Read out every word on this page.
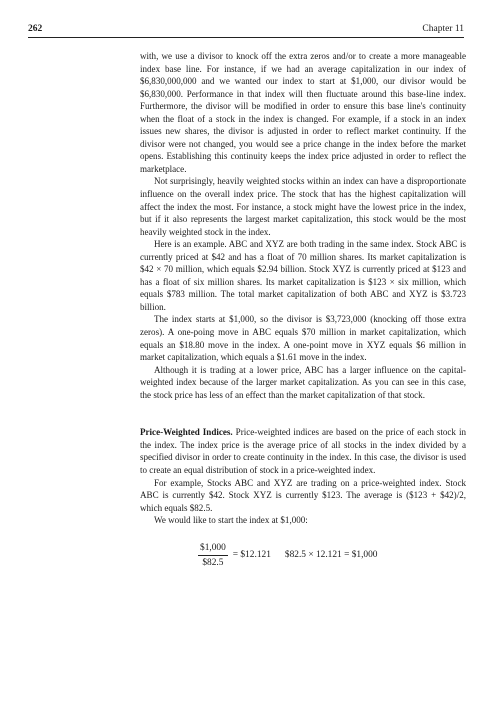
262	Chapter 11

with, we use a divisor to knock off the extra zeros and/or to create a more manageable index base line. For instance, if we had an average capitalization in our index of $6,830,000,000 and we wanted our index to start at $1,000, our divisor would be $6,830,000. Performance in that index will then fluctuate around this base-line index. Furthermore, the divisor will be modified in order to ensure this base line's continuity when the float of a stock in the index is changed. For example, if a stock in an index issues new shares, the divisor is adjusted in order to reflect market continuity. If the divisor were not changed, you would see a price change in the index before the market opens. Establishing this continuity keeps the index price adjusted in order to reflect the marketplace.

Not surprisingly, heavily weighted stocks within an index can have a disproportionate influence on the overall index price. The stock that has the highest capitalization will affect the index the most. For instance, a stock might have the lowest price in the index, but if it also represents the largest market capitalization, this stock would be the most heavily weighted stock in the index.

Here is an example. ABC and XYZ are both trading in the same index. Stock ABC is currently priced at $42 and has a float of 70 million shares. Its market capitalization is $42 × 70 million, which equals $2.94 billion. Stock XYZ is currently priced at $123 and has a float of six million shares. Its market capitalization is $123 × six million, which equals $783 million. The total market capitalization of both ABC and XYZ is $3.723 billion.

The index starts at $1,000, so the divisor is $3,723,000 (knocking off those extra zeros). A one-poing move in ABC equals $70 million in market capitalization, which equals an $18.80 move in the index. A one-point move in XYZ equals $6 million in market capitalization, which equals a $1.61 move in the index.

Although it is trading at a lower price, ABC has a larger influence on the capital-weighted index because of the larger market capitalization. As you can see in this case, the stock price has less of an effect than the market capitalization of that stock.

Price-Weighted Indices. Price-weighted indices are based on the price of each stock in the index. The index price is the average price of all stocks in the index divided by a specified divisor in order to create continuity in the index. In this case, the divisor is used to create an equal distribution of stock in a price-weighted index.

For example, Stocks ABC and XYZ are trading on a price-weighted index. Stock ABC is currently $42. Stock XYZ is currently $123. The average is ($123 + $42)/2, which equals $82.5.

We would like to start the index at $1,000:

$\frac{\$1,000}{\$82.5}$ = $12.121 $82.5 × 12.121 = $1,000
